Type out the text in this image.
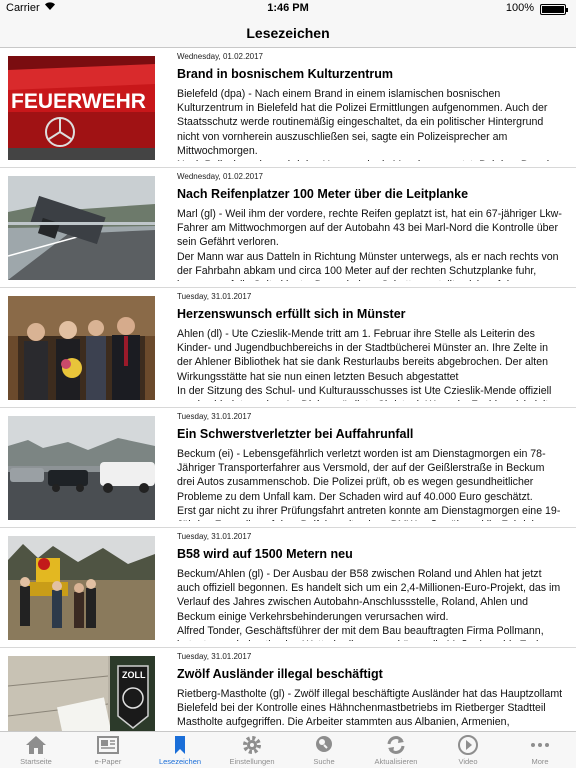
Carrier	1:46 PM	100%
Lesezeichen
FEUERWEHR
Wednesday, 01.02.2017
Brand in bosnischem Kulturzentrum

Bielefeld (dpa) - Nach einem Brand in einem islamischen bosnischen Kulturzentrum in Bielefeld hat die Polizei Ermittlungen aufgenommen. Auch der Staatsschutz werde routinemäßig eingeschaltet, da ein politischer Hintergrund nicht von vornherein auszuschließen sei, sagte ein Polizeisprecher am Mittwochmorgen.

Wednesday, 01.02.2017
Nach Reifenplatzer 100 Meter über die Leitplanke

Marl (gl) - Weil ihm der vordere, rechte Reifen geplatzt ist, hat ein 67-jähriger Lkw-Fahrer am Mittwochmorgen auf der Autobahn 43 bei Marl-Nord die Kontrolle über sein Gefährt verloren.
Der Mann war aus Datteln in Richtung Münster unterwegs, als er nach rechts von der Fahrbahn abkam und circa 100 Meter auf der rechten Schutzplanke fuhr,

Tuesday, 31.01.2017
Herzenswunsch erfüllt sich in Münster

Ahlen (dl) - Ute Czieslik-Mende tritt am 1. Februar ihre Stelle als Leiterin des Kinder- und Jugendbuchbereichs in der Stadtbücherei Münster an. Ihre Zelte in der Ahlener Bibliothek hat sie dank Resturlaubs bereits abgebrochen. Der alten Wirkungsstätte hat sie nun einen letzten Besuch abgestattet
In der Sitzung des Schul- und Kulturausschusses ist Ute Czieslik-Mende offiziell

Tuesday, 31.01.2017
Ein Schwerstverletzter bei Auffahrunfall

Beckum (ei) - Lebensgefährlich verletzt worden ist am Dienstagmorgen ein 78-Jähriger Transporterfahrer aus Versmold, der auf der Geißlerstraße in Beckum drei Autos zusammenschob. Die Polizei prüft, ob es wegen gesundheitlicher Probleme zu dem Unfall kam. Der Schaden wird auf 40.000 Euro geschätzt.
Erst gar nicht zu ihrer Prüfungsfahrt antreten konnte am Dienstagmorgen eine 19-

Tuesday, 31.01.2017
B58 wird auf 1500 Metern neu

Beckum/Ahlen (gl) - Der Ausbau der B58 zwischen Roland und Ahlen hat jetzt auch offiziell begonnen. Es handelt sich um ein 2,4-Millionen-Euro-Projekt, das im Verlauf des Jahres zwischen Autobahn-Anschlussstelle, Roland, Ahlen und Beckum einige Verkehrsbehinderungen verursachen wird.
Alfred Tonder, Geschäftsführer der mit dem Bau beauftragten Firma Pollmann,

ZOLL
Tuesday, 31.01.2017
Zwölf Ausländer illegal beschäftigt

Rietberg-Mastholte (gl) - Zwölf illegal beschäftigte Ausländer hat das Hauptzollamt Bielefeld bei der Kontrolle eines Hähnchenmastbetriebs im Rietberger Stadtteil Mastholte aufgegriffen. Die Arbeiter stammten aus Albanien, Armenien,

Startseite	e-Paper	Lesezeichen	Einstellungen	Suche	Aktualisieren	Video	More
